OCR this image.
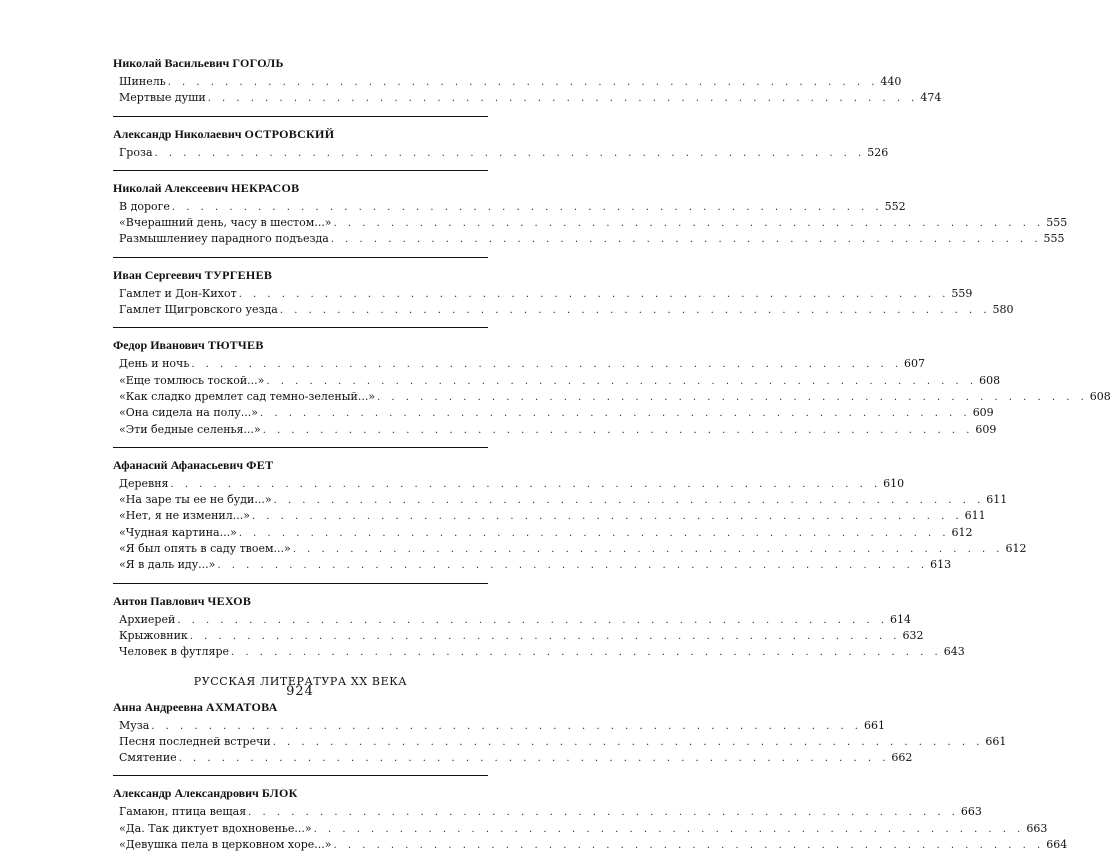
Николай Васильевич ГОГОЛЬ
Шинель . . . . . . . . . . . . . . . . . . . . . . . . . . . . . . . . . . . . . . . . . . . . . . . . . . 440
Мертвые души . . . . . . . . . . . . . . . . . . . . . . . . . . . . . . . . . . . . . . . . . . . . . . . . . . 474
Александр Николаевич ОСТРОВСКИЙ
Гроза . . . . . . . . . . . . . . . . . . . . . . . . . . . . . . . . . . . . . . . . . . . . . . . . . . 526
Николай Алексеевич НЕКРАСОВ
В дороге . . . . . . . . . . . . . . . . . . . . . . . . . . . . . . . . . . . . . . . . . . . . . . . . . . 552
«Вчерашний день, часу в шестом...» . . . . . . . . . . . . . . . . . . . . . . . . . . . . . . . . . . . . . . . . . . . . . . . . . . 555
Размышлениеу парадного подъезда . . . . . . . . . . . . . . . . . . . . . . . . . . . . . . . . . . . . . . . . . . . . . . . . . . 555
Иван Сергеевич ТУРГЕНЕВ
Гамлет и Дон-Кихот . . . . . . . . . . . . . . . . . . . . . . . . . . . . . . . . . . . . . . . . . . . . . . . . . . 559
Гамлет Щигровского уезда . . . . . . . . . . . . . . . . . . . . . . . . . . . . . . . . . . . . . . . . . . . . . . . . . . 580
Федор Иванович ТЮТЧЕВ
День и ночь . . . . . . . . . . . . . . . . . . . . . . . . . . . . . . . . . . . . . . . . . . . . . . . . . . 607
«Еще томлюсь тоской...» . . . . . . . . . . . . . . . . . . . . . . . . . . . . . . . . . . . . . . . . . . . . . . . . . . 608
«Как сладко дремлет сад темно-зеленый...» . . . . . . . . . . . . . . . . . . . . . . . . . . . . . . . . . . . . . . . . . . . . . . . . . . 608
«Она сидела на полу...» . . . . . . . . . . . . . . . . . . . . . . . . . . . . . . . . . . . . . . . . . . . . . . . . . . 609
«Эти бедные селенья...» . . . . . . . . . . . . . . . . . . . . . . . . . . . . . . . . . . . . . . . . . . . . . . . . . . 609
Афанасий Афанасьевич ФЕТ
Деревня . . . . . . . . . . . . . . . . . . . . . . . . . . . . . . . . . . . . . . . . . . . . . . . . . . 610
«На заре ты ее не буди...» . . . . . . . . . . . . . . . . . . . . . . . . . . . . . . . . . . . . . . . . . . . . . . . . . . 611
«Нет, я не изменил...» . . . . . . . . . . . . . . . . . . . . . . . . . . . . . . . . . . . . . . . . . . . . . . . . . . 611
«Чудная картина...» . . . . . . . . . . . . . . . . . . . . . . . . . . . . . . . . . . . . . . . . . . . . . . . . . . 612
«Я был опять в саду твоем...» . . . . . . . . . . . . . . . . . . . . . . . . . . . . . . . . . . . . . . . . . . . . . . . . . . 612
«Я в даль иду...» . . . . . . . . . . . . . . . . . . . . . . . . . . . . . . . . . . . . . . . . . . . . . . . . . . 613
Антон Павлович ЧЕХОВ
Архиерей . . . . . . . . . . . . . . . . . . . . . . . . . . . . . . . . . . . . . . . . . . . . . . . . . . 614
Крыжовник . . . . . . . . . . . . . . . . . . . . . . . . . . . . . . . . . . . . . . . . . . . . . . . . . . 632
Человек в футляре . . . . . . . . . . . . . . . . . . . . . . . . . . . . . . . . . . . . . . . . . . . . . . . . . . 643
РУССКАЯ ЛИТЕРАТУРА ХХ ВЕКА
Анна Андреевна АХМАТОВА
Муза . . . . . . . . . . . . . . . . . . . . . . . . . . . . . . . . . . . . . . . . . . . . . . . . . . 661
Песня последней встречи . . . . . . . . . . . . . . . . . . . . . . . . . . . . . . . . . . . . . . . . . . . . . . . . . . 661
Смятение . . . . . . . . . . . . . . . . . . . . . . . . . . . . . . . . . . . . . . . . . . . . . . . . . . 662
Александр Александрович БЛОК
Гамаюн, птица вещая . . . . . . . . . . . . . . . . . . . . . . . . . . . . . . . . . . . . . . . . . . . . . . . . . . 663
«Да. Так диктует вдохновенье...» . . . . . . . . . . . . . . . . . . . . . . . . . . . . . . . . . . . . . . . . . . . . . . . . . . 663
«Девушка пела в церковном хоре...» . . . . . . . . . . . . . . . . . . . . . . . . . . . . . . . . . . . . . . . . . . . . . . . . . . 664
924
